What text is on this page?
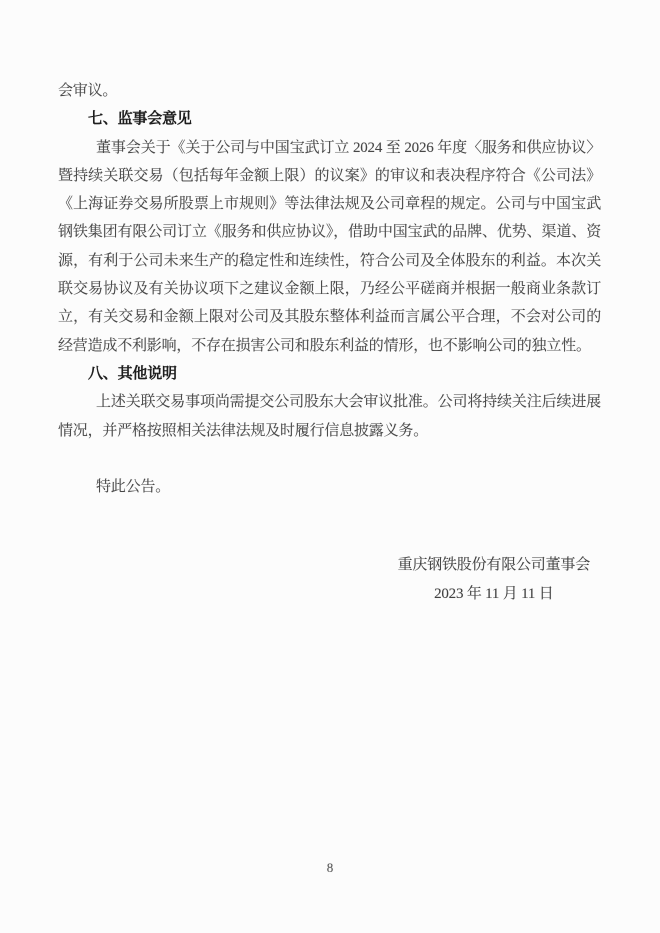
会审议。

七、监事会意见

董事会关于《关于公司与中国宝武订立 2024 至 2026 年度〈服务和供应协议〉暨持续关联交易（包括每年金额上限）的议案》的审议和表决程序符合《公司法》《上海证券交易所股票上市规则》等法律法规及公司章程的规定。公司与中国宝武钢铁集团有限公司订立《服务和供应协议》，借助中国宝武的品牌、优势、渠道、资源，有利于公司未来生产的稳定性和连续性，符合公司及全体股东的利益。本次关联交易协议及有关协议项下之建议金额上限，乃经公平磋商并根据一般商业条款订立，有关交易和金额上限对公司及其股东整体利益而言属公平合理，不会对公司的经营造成不利影响，不存在损害公司和股东利益的情形，也不影响公司的独立性。

八、其他说明

上述关联交易事项尚需提交公司股东大会审议批准。公司将持续关注后续进展情况，并严格按照相关法律法规及时履行信息披露义务。

特此公告。

重庆钢铁股份有限公司董事会
2023 年 11 月 11 日
8
